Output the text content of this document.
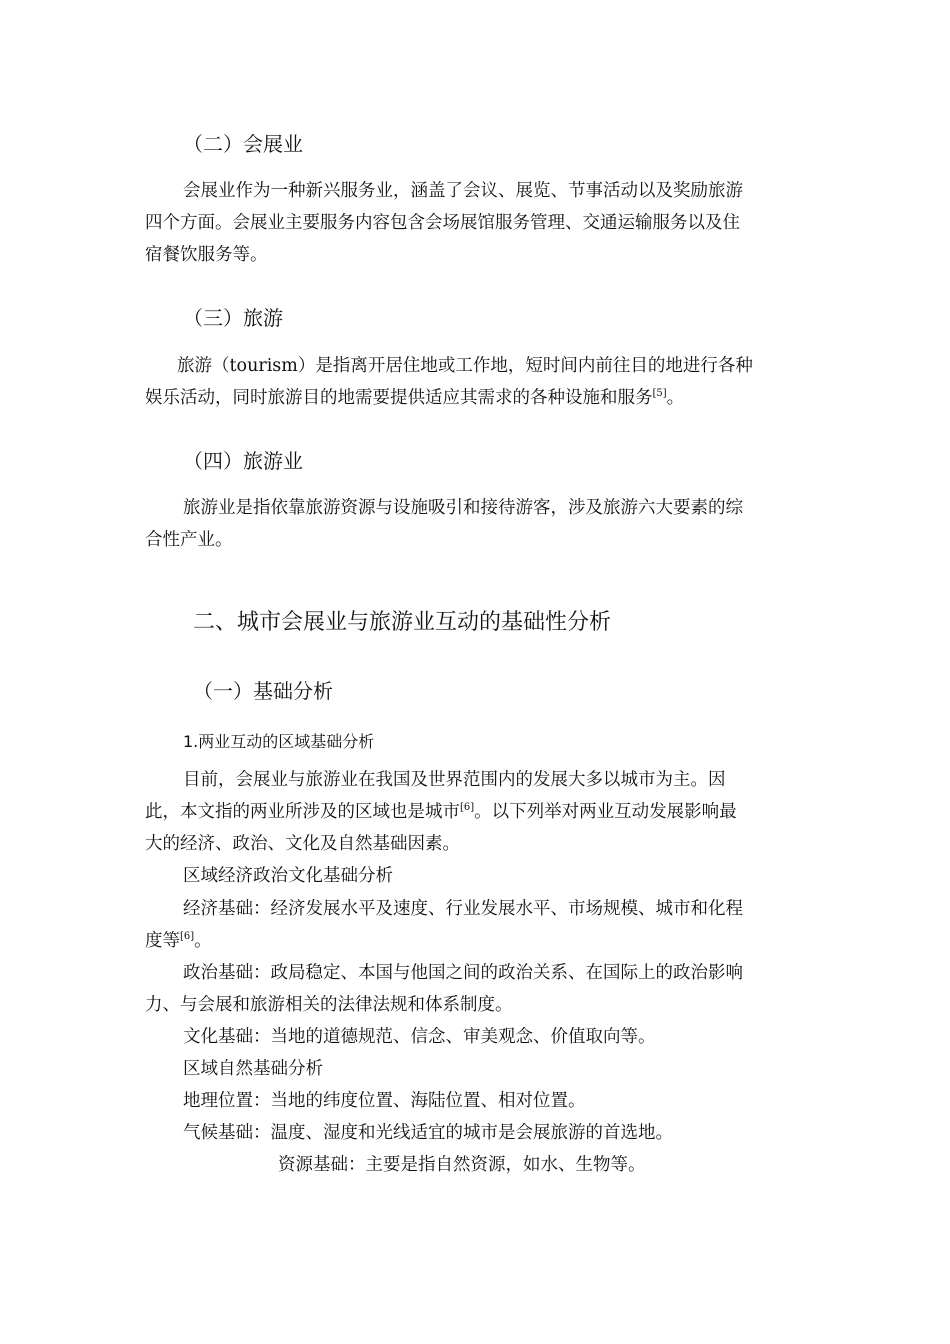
（二）会展业

会展业作为一种新兴服务业，涵盖了会议、展览、节事活动以及奖励旅游

四个方面。会展业主要服务内容包含会场展馆服务管理、交通运输服务以及住

宿餐饮服务等。

（三）旅游

旅游（tourism）是指离开居住地或工作地，短时间内前往目的地进行各种

娱乐活动，同时旅游目的地需要提供适应其需求的各种设施和服务[5]。

（四）旅游业

旅游业是指依靠旅游资源与设施吸引和接待游客，涉及旅游六大要素的综

合性产业。

二、城市会展业与旅游业互动的基础性分析
（一）基础分析
1.两业互动的区域基础分析

目前，会展业与旅游业在我国及世界范围内的发展大多以城市为主。因

此，本文指的两业所涉及的区域也是城市[6]。以下列举对两业互动发展影响最

大的经济、政治、文化及自然基础因素。

区域经济政治文化基础分析

经济基础：经济发展水平及速度、行业发展水平、市场规模、城市和化程

度等[6]。

政治基础：政局稳定、本国与他国之间的政治关系、在国际上的政治影响

力、与会展和旅游相关的法律法规和体系制度。

文化基础：当地的道德规范、信念、审美观念、价值取向等。

区域自然基础分析

地理位置：当地的纬度位置、海陆位置、相对位置。

气候基础：温度、湿度和光线适宜的城市是会展旅游的首选地。

资源基础：主要是指自然资源，如水、生物等。
